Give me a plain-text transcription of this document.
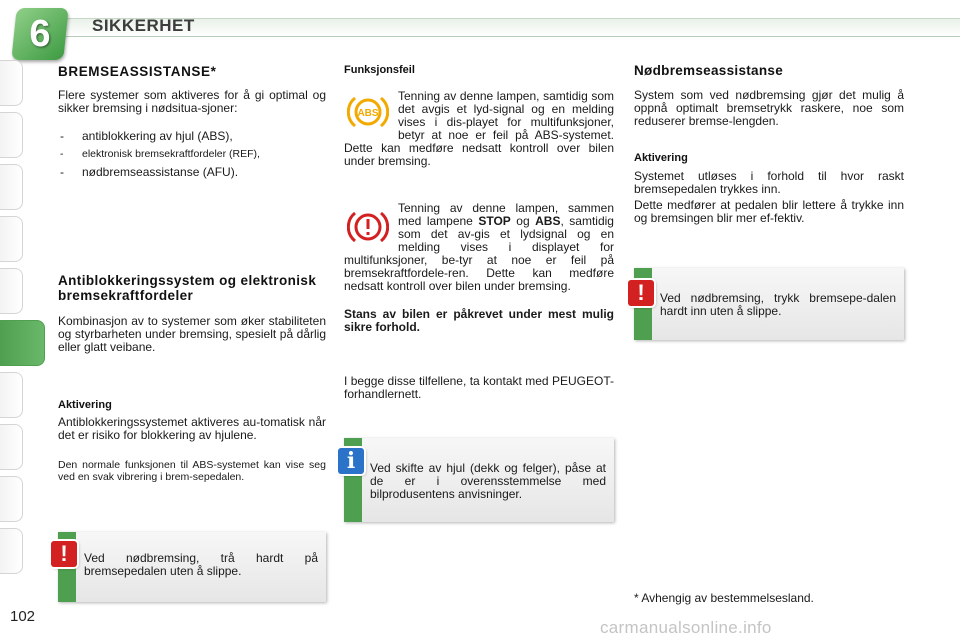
6	SIKKERHET
BREMSEASSISTANSE*
Flere systemer som aktiveres for å gi optimal og sikker bremsing i nødsitua-sjoner:
- antiblokkering av hjul (ABS),
- elektronisk bremsekraftfordeler (REF),
- nødbremseassistanse (AFU).
Antiblokkeringssystem og elektronisk bremsekraftfordeler
Kombinasjon av to systemer som øker stabiliteten og styrbarheten under bremsing, spesielt på dårlig eller glatt veibane.
Aktivering
Antiblokkeringssystemet aktiveres au-tomatisk når det er risiko for blokkering av hjulene.
Den normale funksjonen til ABS-systemet kan vise seg ved en svak vibrering i brem-sepedalen.
Ved nødbremsing, trå hardt på bremsepedalen uten å slippe.
!
Funksjonsfeil
ABS
Tenning av denne lampen, samtidig som det avgis et lyd-signal og en melding vises i dis-playet for multifunksjoner, betyr at noe er feil på ABS-systemet. Dette kan medføre nedsatt kontroll over bilen under bremsing.
Tenning av denne lampen, sammen med lampene STOP og ABS, samtidig som det av-gis et lydsignal og en melding vises i displayet for multifunksjoner, be-tyr at noe er feil på bremsekraftfordele-ren. Dette kan medføre nedsatt kontroll over bilen under bremsing.
Stans av bilen er påkrevet under mest mulig sikre forhold.
I begge disse tilfellene, ta kontakt med PEUGEOT-forhandlernett.
Ved skifte av hjul (dekk og felger), påse at de er i overensstemmelse med bilprodusentens anvisninger.
i
Nødbremseassistanse
System som ved nødbremsing gjør det mulig å oppnå optimalt bremsetrykk raskere, noe som reduserer bremse-lengden.
Aktivering
Systemet utløses i forhold til hvor raskt bremsepedalen trykkes inn.
Dette medfører at pedalen blir lettere å trykke inn og bremsingen blir mer ef-fektiv.
Ved nødbremsing, trykk bremsepe-dalen hardt inn uten å slippe.
!
* Avhengig av bestemmelsesland.
102
carmanualsonline.info
